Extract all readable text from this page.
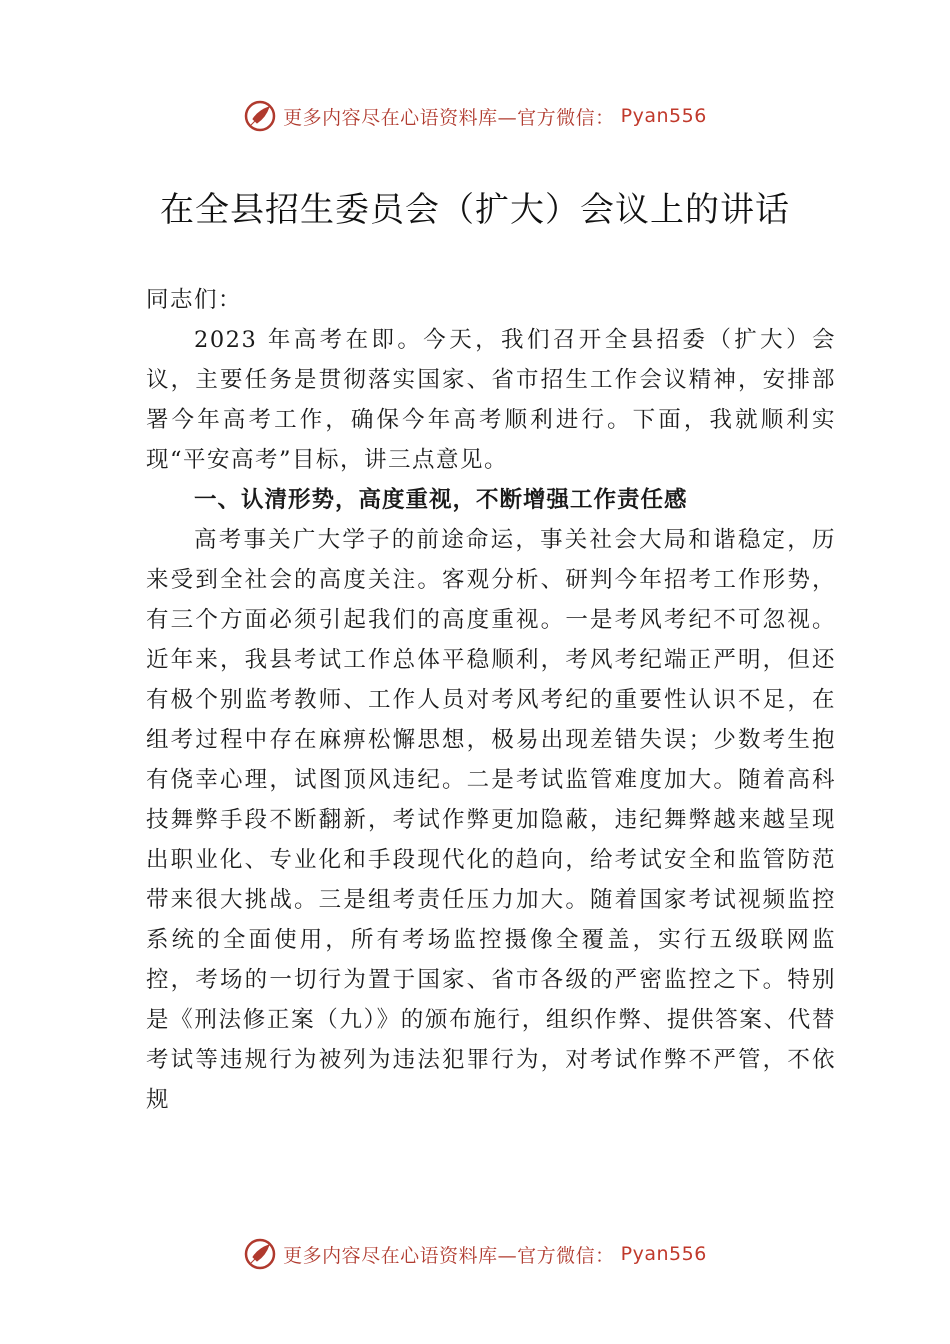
更多内容尽在心语资料库—官方微信： Pyan556
在全县招生委员会（扩大）会议上的讲话

同志们：

2023 年高考在即。今天，我们召开全县招委（扩大）会议，主要任务是贯彻落实国家、省市招生工作会议精神，安排部署今年高考工作，确保今年高考顺利进行。下面，我就顺利实现“平安高考”目标，讲三点意见。

一、认清形势，高度重视，不断增强工作责任感

高考事关广大学子的前途命运，事关社会大局和谐稳定，历来受到全社会的高度关注。客观分析、研判今年招考工作形势，有三个方面必须引起我们的高度重视。一是考风考纪不可忽视。近年来，我县考试工作总体平稳顺利，考风考纪端正严明，但还有极个别监考教师、工作人员对考风考纪的重要性认识不足，在组考过程中存在麻痹松懈思想，极易出现差错失误；少数考生抱有侥幸心理，试图顶风违纪。二是考试监管难度加大。随着高科技舞弊手段不断翻新，考试作弊更加隐蔽，违纪舞弊越来越呈现出职业化、专业化和手段现代化的趋向，给考试安全和监管防范带来很大挑战。三是组考责任压力加大。随着国家考试视频监控系统的全面使用，所有考场监控摄像全覆盖，实行五级联网监控，考场的一切行为置于国家、省市各级的严密监控之下。特别是《刑法修正案（九）》的颁布施行，组织作弊、提供答案、代替考试等违规行为被列为违法犯罪行为，对考试作弊不严管，不依规

更多内容尽在心语资料库—官方微信： Pyan556
